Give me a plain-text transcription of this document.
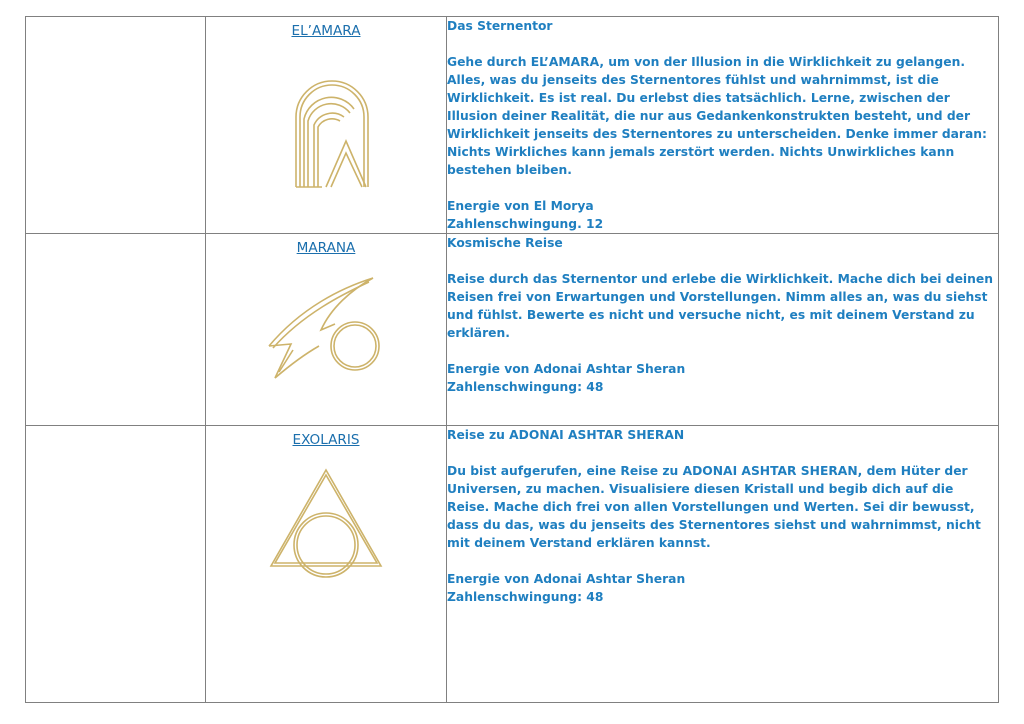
	EL’AMARA	Das Sternentor

Gehe durch EL’AMARA, um von der Illusion in die Wirklichkeit zu gelangen. Alles, was du jenseits des Sternentores fühlst und wahrnimmst, ist die Wirklichkeit. Es ist real. Du erlebst dies tatsächlich. Lerne, zwischen der Illusion deiner Realität, die nur aus Gedankenkonstrukten besteht, und der Wirklichkeit jenseits des Sternentores zu unterscheiden. Denke immer daran: Nichts Wirkliches kann jemals zerstört werden. Nichts Unwirkliches kann bestehen bleiben.

Energie von El Morya

Zahlenschwingung. 12

	MARANA	Kosmische Reise

Reise durch das Sternentor und erlebe die Wirklichkeit. Mache dich bei deinen Reisen frei von Erwartungen und Vorstellungen. Nimm alles an, was du siehst und fühlst. Bewerte es nicht und versuche nicht, es mit deinem Verstand zu erklären.

Energie von Adonai Ashtar Sheran

Zahlenschwingung: 48

	EXOLARIS	Reise zu ADONAI ASHTAR SHERAN

Du bist aufgerufen, eine Reise zu ADONAI ASHTAR SHERAN, dem Hüter der Universen, zu machen. Visualisiere diesen Kristall und begib dich auf die Reise. Mache dich frei von allen Vorstellungen und Werten. Sei dir bewusst, dass du das, was du jenseits des Sternentores siehst und wahrnimmst, nicht mit deinem Verstand erklären kannst.

Energie von Adonai Ashtar Sheran

Zahlenschwingung: 48
